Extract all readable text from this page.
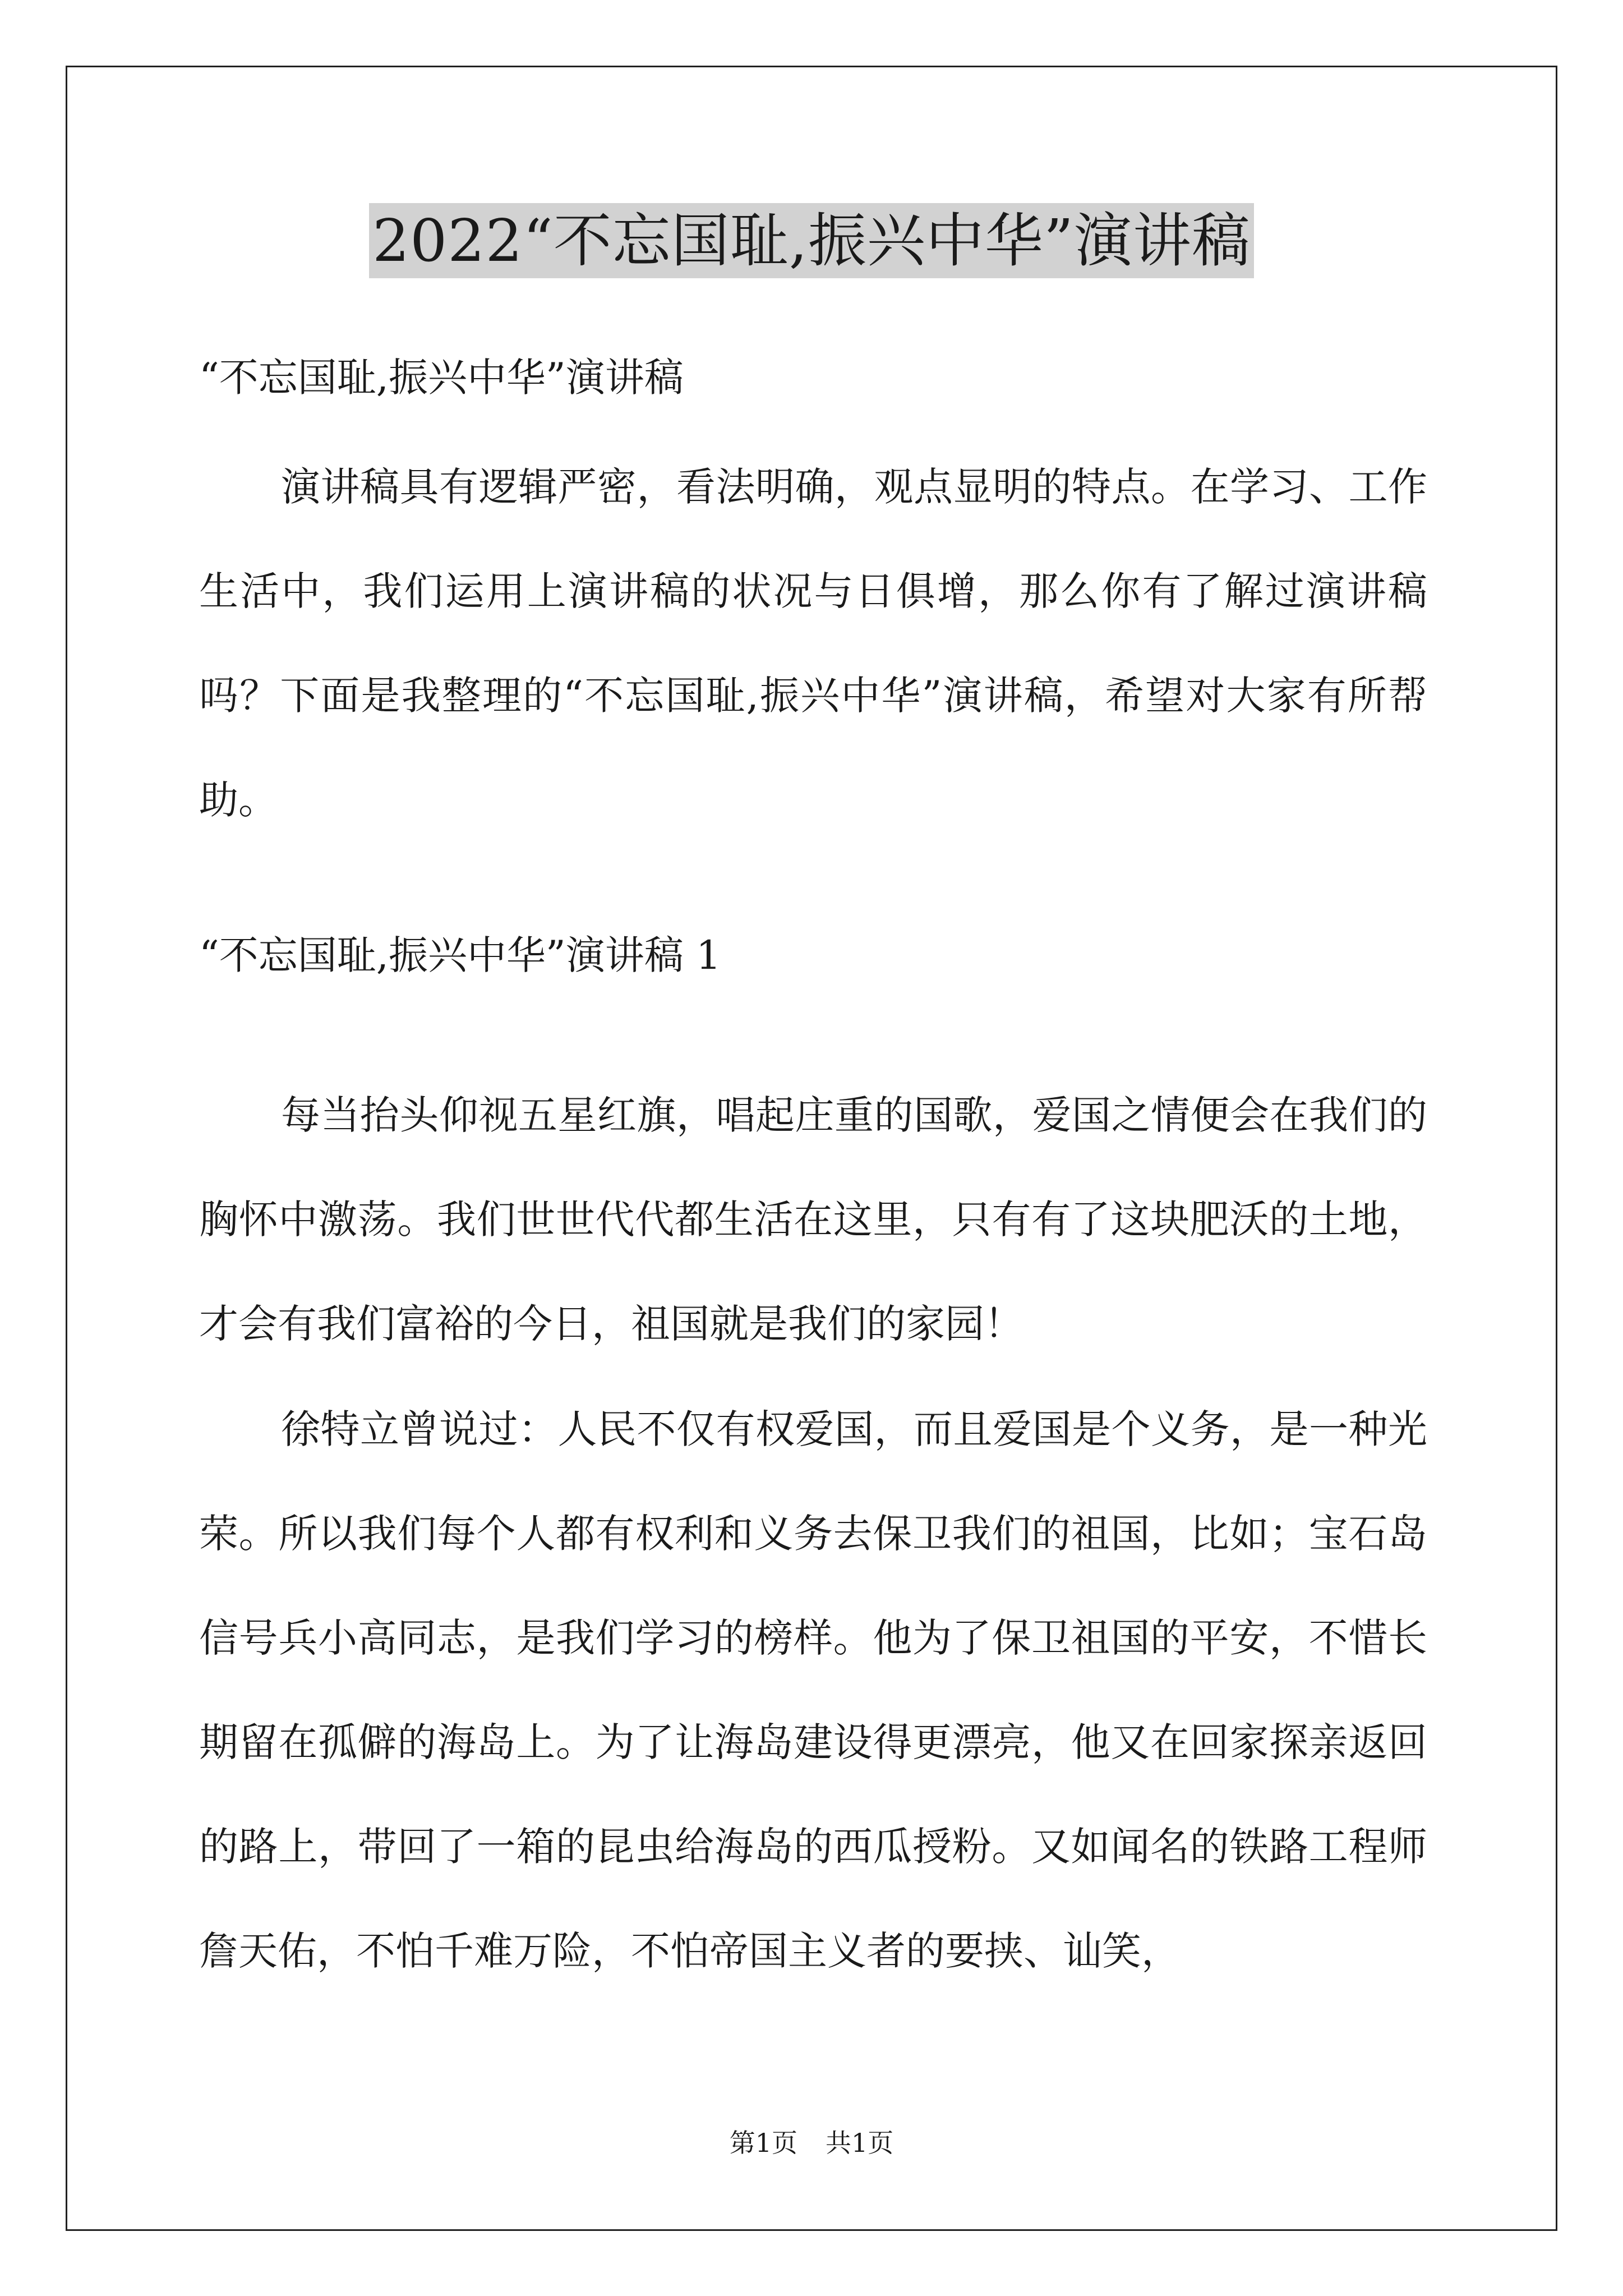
2022“不忘国耻,振兴中华”演讲稿
“不忘国耻,振兴中华”演讲稿

演讲稿具有逻辑严密，看法明确，观点显明的特点。在学习、工作生活中，我们运用上演讲稿的状况与日俱增，那么你有了解过演讲稿吗？下面是我整理的“不忘国耻,振兴中华”演讲稿，希望对大家有所帮助。

“不忘国耻,振兴中华”演讲稿 1

每当抬头仰视五星红旗，唱起庄重的国歌，爱国之情便会在我们的胸怀中激荡。我们世世代代都生活在这里，只有有了这块肥沃的土地，才会有我们富裕的今日，祖国就是我们的家园！

徐特立曾说过：人民不仅有权爱国，而且爱国是个义务，是一种光荣。所以我们每个人都有权利和义务去保卫我们的祖国，比如；宝石岛信号兵小高同志，是我们学习的榜样。他为了保卫祖国的平安，不惜长期留在孤僻的海岛上。为了让海岛建设得更漂亮，他又在回家探亲返回的路上，带回了一箱的昆虫给海岛的西瓜授粉。又如闻名的铁路工程师詹天佑，不怕千难万险，不怕帝国主义者的要挟、讪笑，

第1页 共1页
